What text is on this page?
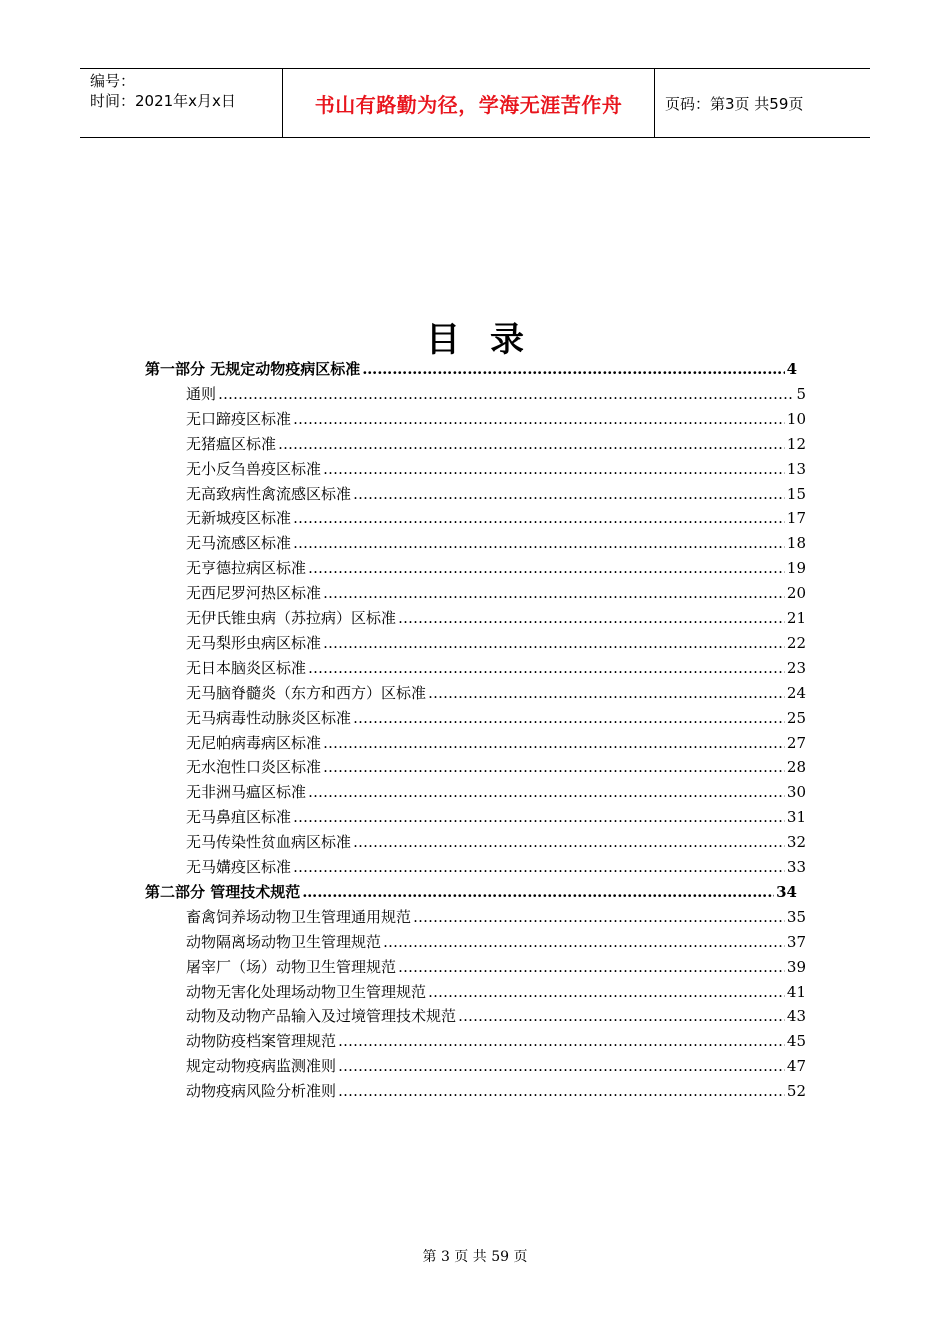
编号：
时间：2021年x月x日	书山有路勤为径，学海无涯苦作舟	页码：第3页 共59页
目录
第一部分 无规定动物疫病区标准 …………………………………………………………………………………………………………………………………………………………………………………………	4
通则 …………………………………………………………………………………………………………………………………………………………………………………………	5
无口蹄疫区标准 …………………………………………………………………………………………………………………………………………………………………………………………	10
无猪瘟区标准 …………………………………………………………………………………………………………………………………………………………………………………………	12
无小反刍兽疫区标准 …………………………………………………………………………………………………………………………………………………………………………………………	13
无高致病性禽流感区标准 …………………………………………………………………………………………………………………………………………………………………………………………	15
无新城疫区标准 …………………………………………………………………………………………………………………………………………………………………………………………	17
无马流感区标准 …………………………………………………………………………………………………………………………………………………………………………………………	18
无亨德拉病区标准 …………………………………………………………………………………………………………………………………………………………………………………………	19
无西尼罗河热区标准 …………………………………………………………………………………………………………………………………………………………………………………………	20
无伊氏锥虫病（苏拉病）区标准 …………………………………………………………………………………………………………………………………………………………………………………………	21
无马梨形虫病区标准 …………………………………………………………………………………………………………………………………………………………………………………………	22
无日本脑炎区标准 …………………………………………………………………………………………………………………………………………………………………………………………	23
无马脑脊髓炎（东方和西方）区标准 …………………………………………………………………………………………………………………………………………………………………………………………	24
无马病毒性动脉炎区标准 …………………………………………………………………………………………………………………………………………………………………………………………	25
无尼帕病毒病区标准 …………………………………………………………………………………………………………………………………………………………………………………………	27
无水泡性口炎区标准 …………………………………………………………………………………………………………………………………………………………………………………………	28
无非洲马瘟区标准 …………………………………………………………………………………………………………………………………………………………………………………………	30
无马鼻疽区标准 …………………………………………………………………………………………………………………………………………………………………………………………	31
无马传染性贫血病区标准 …………………………………………………………………………………………………………………………………………………………………………………………	32
无马媾疫区标准 …………………………………………………………………………………………………………………………………………………………………………………………	33
第二部分 管理技术规范 …………………………………………………………………………………………………………………………………………………………………………………………	34
畜禽饲养场动物卫生管理通用规范 …………………………………………………………………………………………………………………………………………………………………………………………	35
动物隔离场动物卫生管理规范 …………………………………………………………………………………………………………………………………………………………………………………………	37
屠宰厂（场）动物卫生管理规范 …………………………………………………………………………………………………………………………………………………………………………………………	39
动物无害化处理场动物卫生管理规范 …………………………………………………………………………………………………………………………………………………………………………………………	41
动物及动物产品输入及过境管理技术规范 …………………………………………………………………………………………………………………………………………………………………………………………	43
动物防疫档案管理规范 …………………………………………………………………………………………………………………………………………………………………………………………	45
规定动物疫病监测准则 …………………………………………………………………………………………………………………………………………………………………………………………	47
动物疫病风险分析准则 …………………………………………………………………………………………………………………………………………………………………………………………	52
第 3 页 共 59 页
